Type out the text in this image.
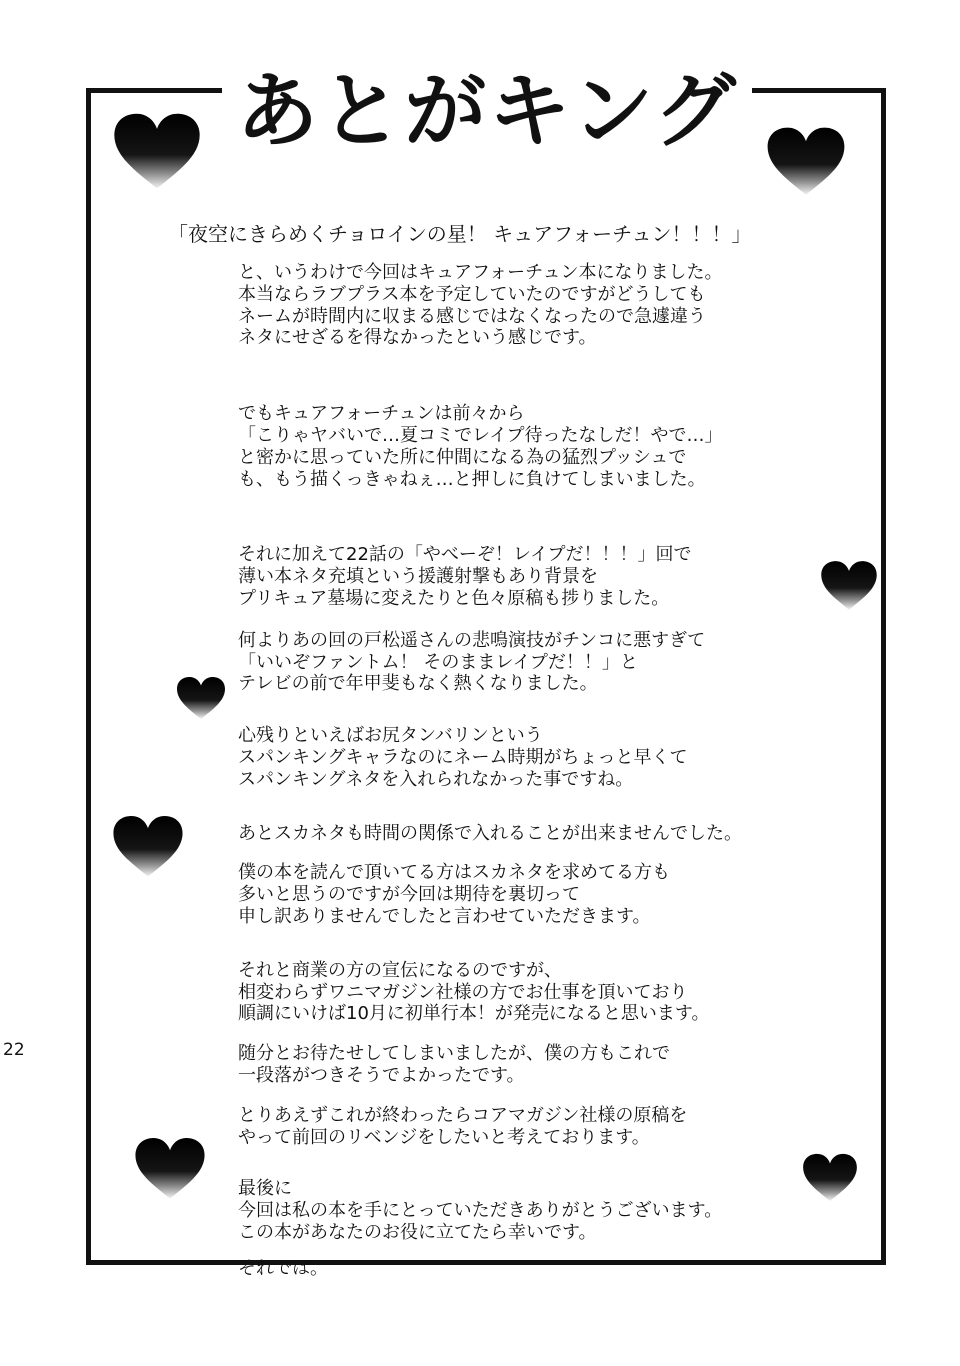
あとがキング
「夜空にきらめくチョロインの星！ キュアフォーチュン！！！」
と、いうわけで今回はキュアフォーチュン本になりました。
本当ならラブプラス本を予定していたのですがどうしても
ネームが時間内に収まる感じではなくなったので急遽違う
ネタにせざるを得なかったという感じです。
でもキュアフォーチュンは前々から
「こりゃヤバいで…夏コミでレイプ待ったなしだ！やで…」
と密かに思っていた所に仲間になる為の猛烈プッシュで
も、もう描くっきゃねぇ…と押しに負けてしまいました。
それに加えて22話の「やべーぞ！レイプだ！！！」回で
薄い本ネタ充填という援護射撃もあり背景を
プリキュア墓場に変えたりと色々原稿も捗りました。
何よりあの回の戸松遥さんの悲鳴演技がチンコに悪すぎて
「いいぞファントム！ そのままレイプだ！！」と
テレビの前で年甲斐もなく熱くなりました。
心残りといえばお尻タンバリンという
スパンキングキャラなのにネーム時期がちょっと早くて
スパンキングネタを入れられなかった事ですね。
あとスカネタも時間の関係で入れることが出来ませんでした。
僕の本を読んで頂いてる方はスカネタを求めてる方も
多いと思うのですが今回は期待を裏切って
申し訳ありませんでしたと言わせていただきます。
それと商業の方の宣伝になるのですが、
相変わらずワニマガジン社様の方でお仕事を頂いており
順調にいけば10月に初単行本！が発売になると思います。
随分とお待たせしてしまいましたが、僕の方もこれで
一段落がつきそうでよかったです。
とりあえずこれが終わったらコアマガジン社様の原稿を
やって前回のリベンジをしたいと考えております。
最後に
今回は私の本を手にとっていただきありがとうございます。
この本があなたのお役に立てたら幸いです。
それでは。
22
